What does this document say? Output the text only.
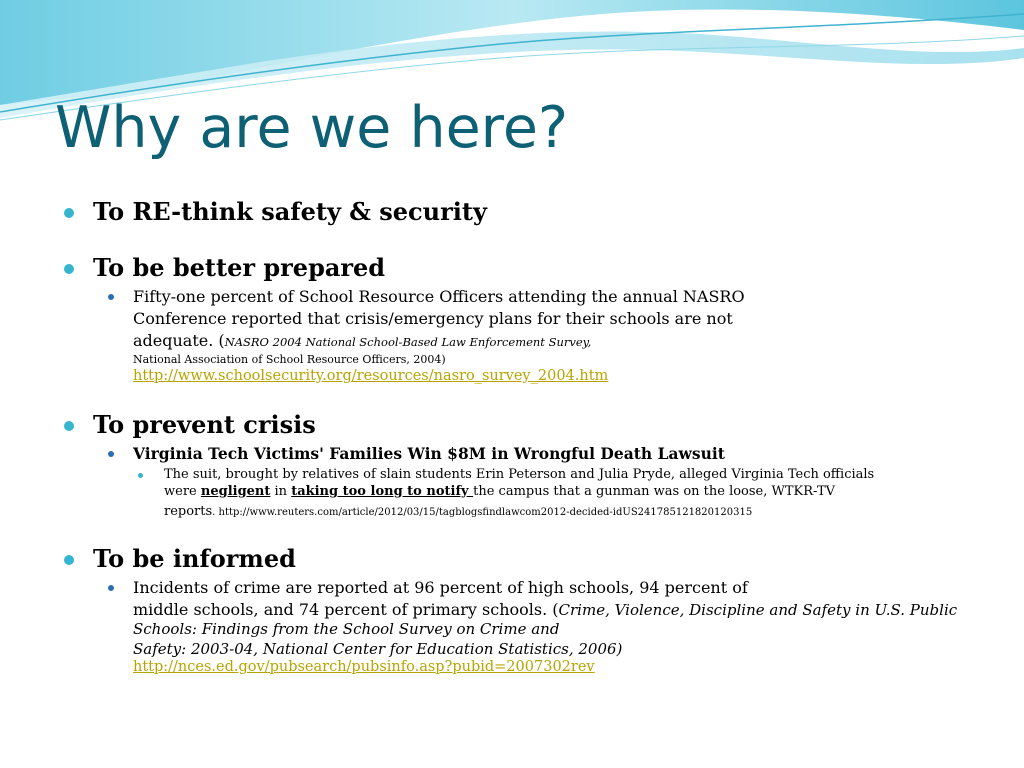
Why are we here?
To RE-think safety & security
To be better prepared
Fifty-one percent of School Resource Officers attending the annual NASRO
Conference reported that crisis/emergency plans for their schools are not
adequate. (NASRO 2004 National School-Based Law Enforcement Survey,
National Association of School Resource Officers, 2004)
http://www.schoolsecurity.org/resources/nasro_survey_2004.htm
To prevent crisis
Virginia Tech Victims' Families Win $8M in Wrongful Death Lawsuit
The suit, brought by relatives of slain students Erin Peterson and Julia Pryde, alleged Virginia Tech officials
were negligent in taking too long to notify the campus that a gunman was on the loose, WTKR-TV
reports. http://www.reuters.com/article/2012/03/15/tagblogsfindlawcom2012-decided-idUS241785121820120315
To be informed
Incidents of crime are reported at 96 percent of high schools, 94 percent of
middle schools, and 74 percent of primary schools. (Crime, Violence, Discipline and Safety in U.S. Public
Schools: Findings from the School Survey on Crime and
Safety: 2003-04, National Center for Education Statistics, 2006)
http://nces.ed.gov/pubsearch/pubsinfo.asp?pubid=2007302rev
